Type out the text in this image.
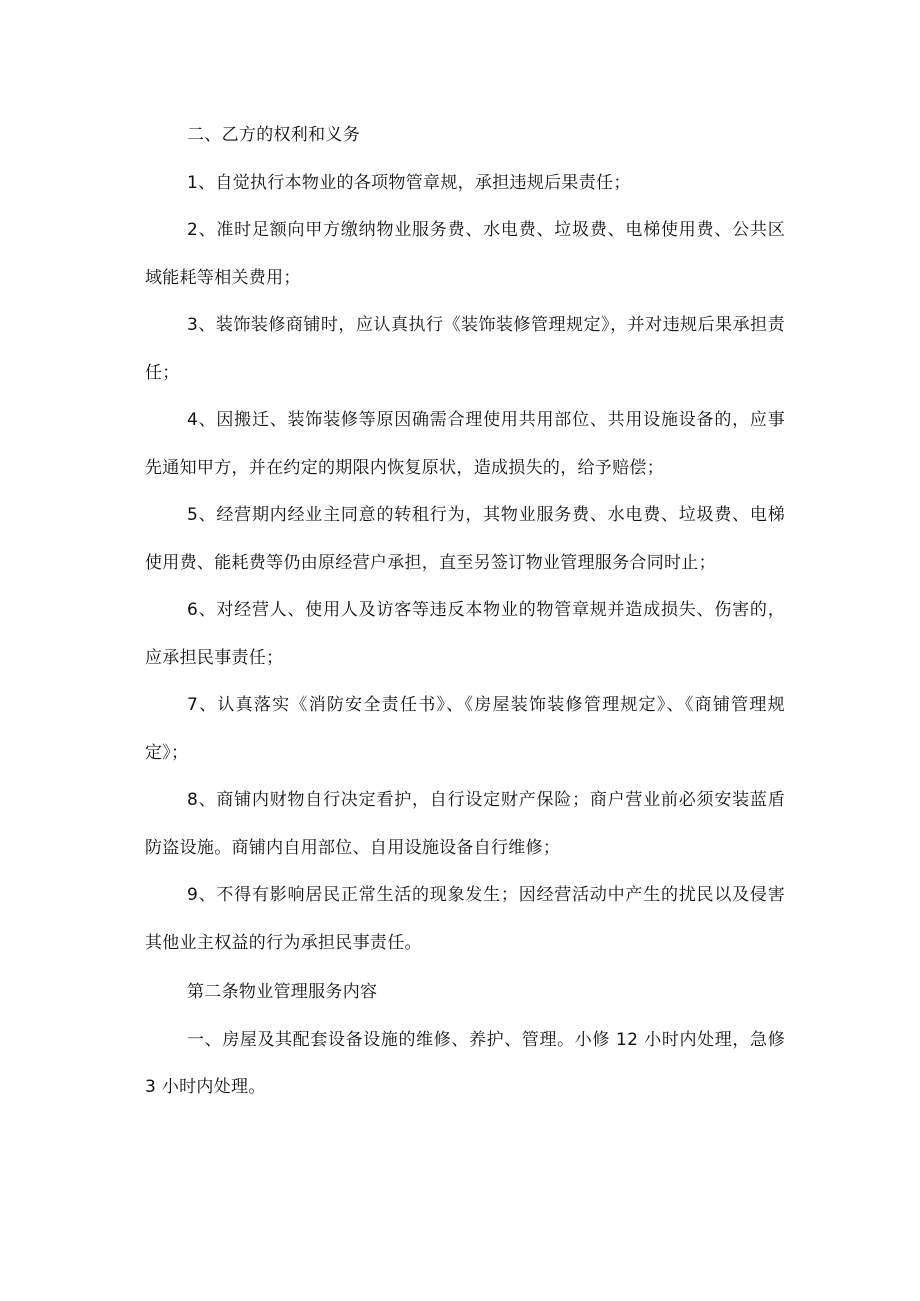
二、乙方的权利和义务

1、自觉执行本物业的各项物管章规，承担违规后果责任；

2、准时足额向甲方缴纳物业服务费、水电费、垃圾费、电梯使用费、公共区域能耗等相关费用；

3、装饰装修商铺时，应认真执行《装饰装修管理规定》，并对违规后果承担责任；

4、因搬迁、装饰装修等原因确需合理使用共用部位、共用设施设备的，应事先通知甲方，并在约定的期限内恢复原状，造成损失的，给予赔偿；

5、经营期内经业主同意的转租行为，其物业服务费、水电费、垃圾费、电梯使用费、能耗费等仍由原经营户承担，直至另签订物业管理服务合同时止；

6、对经营人、使用人及访客等违反本物业的物管章规并造成损失、伤害的，应承担民事责任；

7、认真落实《消防安全责任书》、《房屋装饰装修管理规定》、《商铺管理规定》；

8、商铺内财物自行决定看护，自行设定财产保险；商户营业前必须安装蓝盾防盗设施。商铺内自用部位、自用设施设备自行维修；

9、不得有影响居民正常生活的现象发生；因经营活动中产生的扰民以及侵害其他业主权益的行为承担民事责任。

第二条物业管理服务内容

一、房屋及其配套设备设施的维修、养护、管理。小修 12 小时内处理，急修 3 小时内处理。
